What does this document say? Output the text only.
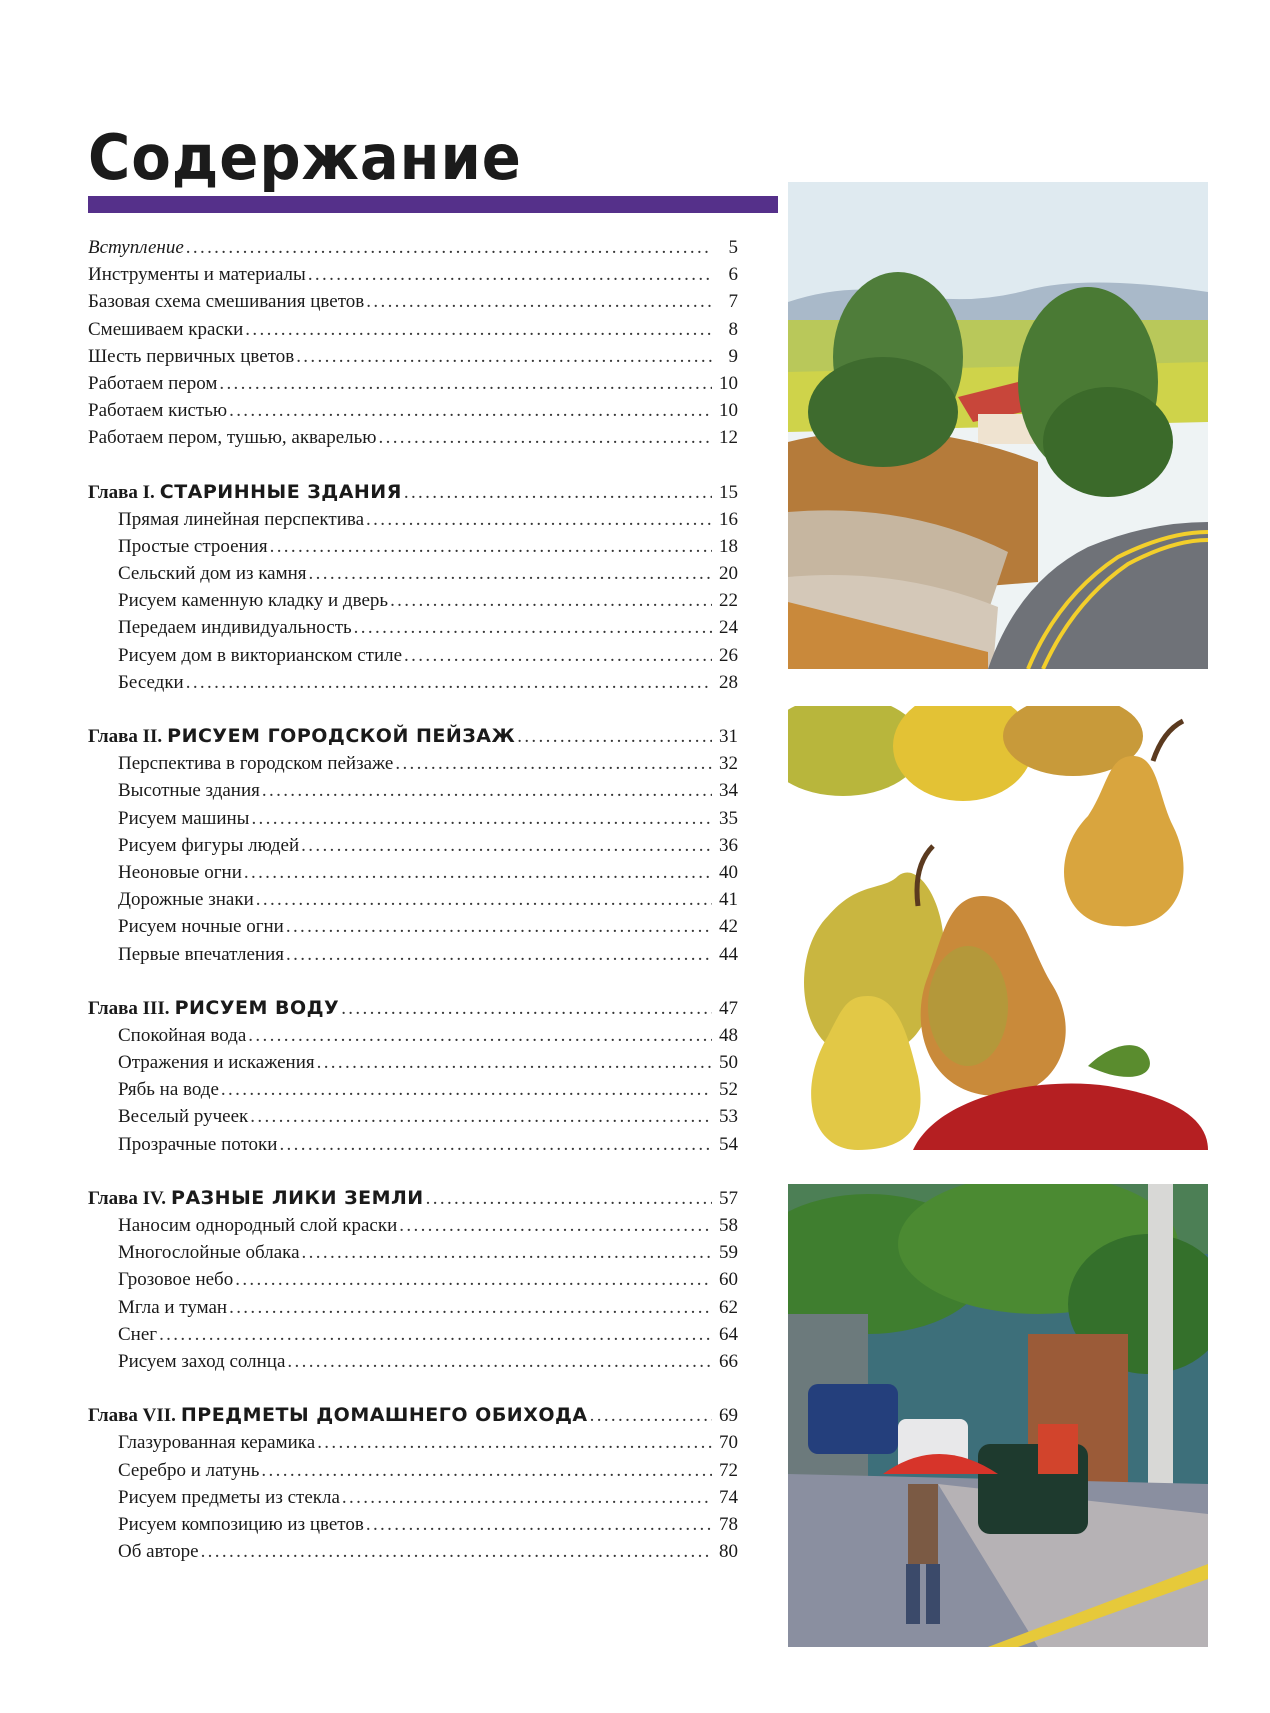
Содержание
Вступление . . .	5
Инструменты и материалы . . .	6
Базовая схема смешивания цветов . . .	7
Смешиваем краски . . .	8
Шесть первичных цветов . . .	9
Работаем пером . . .	10
Работаем кистью . . .	10
Работаем пером, тушью, акварелью . . .	12
Глава I. СТАРИННЫЕ ЗДАНИЯ . . .	15
Прямая линейная перспектива . . .	16
Простые строения . . .	18
Сельский дом из камня . . .	20
Рисуем каменную кладку и дверь . . .	22
Передаем индивидуальность . . .	24
Рисуем дом в викторианском стиле . . .	26
Беседки . . .	28
Глава II. РИСУЕМ ГОРОДСКОЙ ПЕЙЗАЖ . . .	31
Перспектива в городском пейзаже . . .	32
Высотные здания . . .	34
Рисуем машины . . .	35
Рисуем фигуры людей . . .	36
Неоновые огни . . .	40
Дорожные знаки . . .	41
Рисуем ночные огни . . .	42
Первые впечатления . . .	44
Глава III. РИСУЕМ ВОДУ . . .	47
Спокойная вода . . .	48
Отражения и искажения . . .	50
Рябь на воде . . .	52
Веселый ручеек . . .	53
Прозрачные потоки . . .	54
Глава IV. РАЗНЫЕ ЛИКИ ЗЕМЛИ . . .	57
Наносим однородный слой краски . . .	58
Многослойные облака . . .	59
Грозовое небо . . .	60
Мгла и туман . . .	62
Снег . . .	64
Рисуем заход солнца . . .	66
Глава VII. ПРЕДМЕТЫ ДОМАШНЕГО ОБИХОДА . . .	69
Глазурованная керамика . . .	70
Серебро и латунь . . .	72
Рисуем предметы из стекла . . .	74
Рисуем композицию из цветов . . .	78
Об авторе . . .	80
